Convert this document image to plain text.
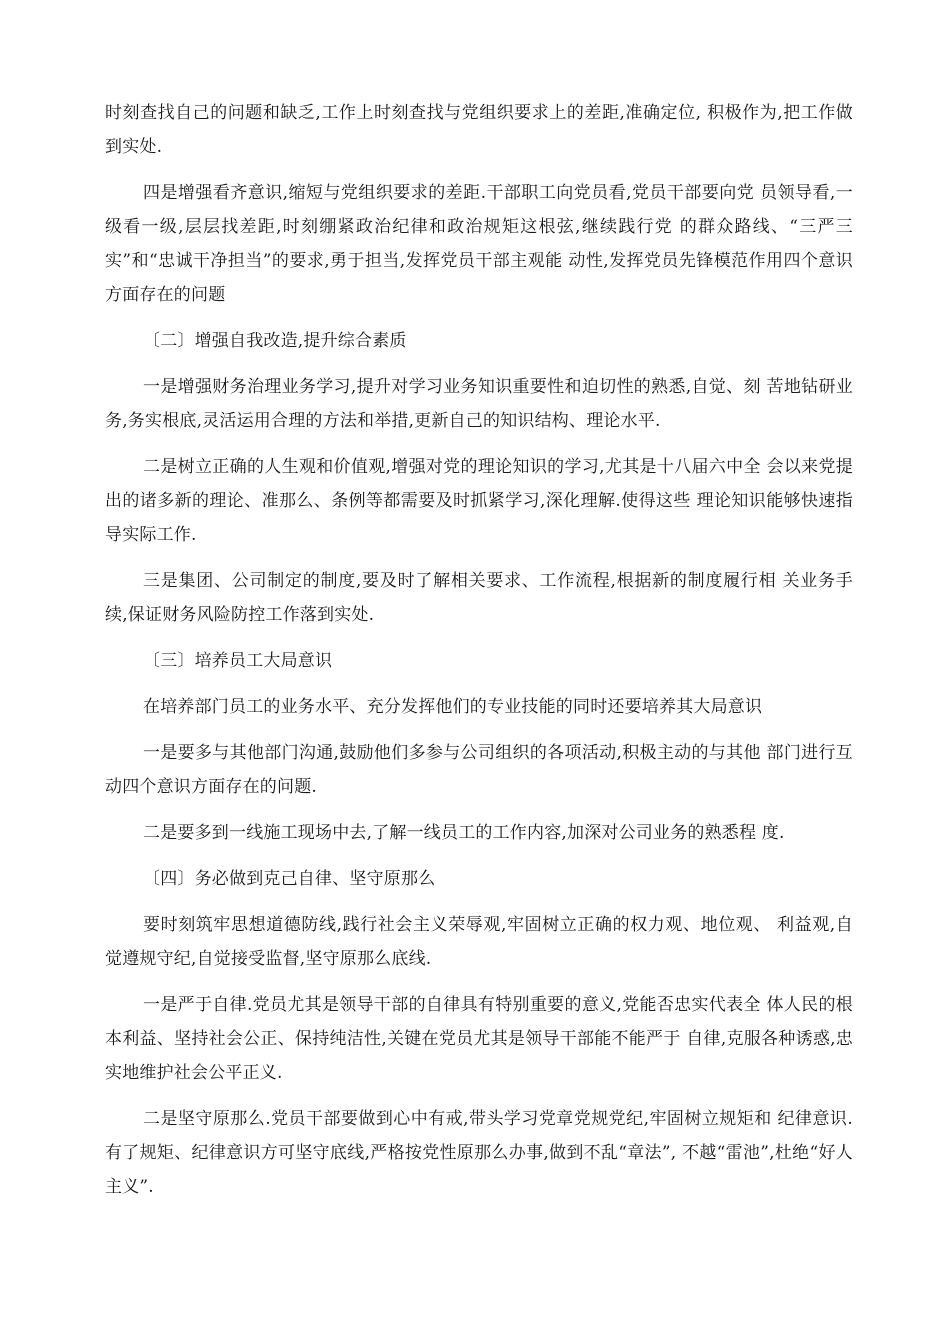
时刻查找自己的问题和缺乏,工作上时刻查找与党组织要求上的差距,准确定位, 积极作为,把工作做到实处.

四是增强看齐意识,缩短与党组织要求的差距.干部职工向党员看,党员干部要向党 员领导看,一级看一级,层层找差距,时刻绷紧政治纪律和政治规矩这根弦,继续践行党 的群众路线、“三严三实”和“忠诚干净担当”的要求,勇于担当,发挥党员干部主观能 动性,发挥党员先锋模范作用四个意识方面存在的问题

〔二〕增强自我改造,提升综合素质

一是增强财务治理业务学习,提升对学习业务知识重要性和迫切性的熟悉,自觉、刻 苦地钻研业务,务实根底,灵活运用合理的方法和举措,更新自己的知识结构、理论水平.

二是树立正确的人生观和价值观,增强对党的理论知识的学习,尤其是十八届六中全 会以来党提出的诸多新的理论、准那么、条例等都需要及时抓紧学习,深化理解.使得这些 理论知识能够快速指导实际工作.

三是集团、公司制定的制度,要及时了解相关要求、工作流程,根据新的制度履行相 关业务手续,保证财务风险防控工作落到实处.

〔三〕培养员工大局意识

在培养部门员工的业务水平、充分发挥他们的专业技能的同时还要培养其大局意识

一是要多与其他部门沟通,鼓励他们多参与公司组织的各项活动,积极主动的与其他 部门进行互动四个意识方面存在的问题.

二是要多到一线施工现场中去,了解一线员工的工作内容,加深对公司业务的熟悉程 度.

〔四〕务必做到克己自律、坚守原那么

要时刻筑牢思想道德防线,践行社会主义荣辱观,牢固树立正确的权力观、地位观、 利益观,自觉遵规守纪,自觉接受监督,坚守原那么底线.

一是严于自律.党员尤其是领导干部的自律具有特别重要的意义,党能否忠实代表全 体人民的根本利益、坚持社会公正、保持纯洁性,关键在党员尤其是领导干部能不能严于 自律,克服各种诱惑,忠实地维护社会公平正义.

二是坚守原那么.党员干部要做到心中有戒,带头学习党章党规党纪,牢固树立规矩和 纪律意识.有了规矩、纪律意识方可坚守底线,严格按党性原那么办事,做到不乱“章法”, 不越“雷池”,杜绝“好人主义”.
